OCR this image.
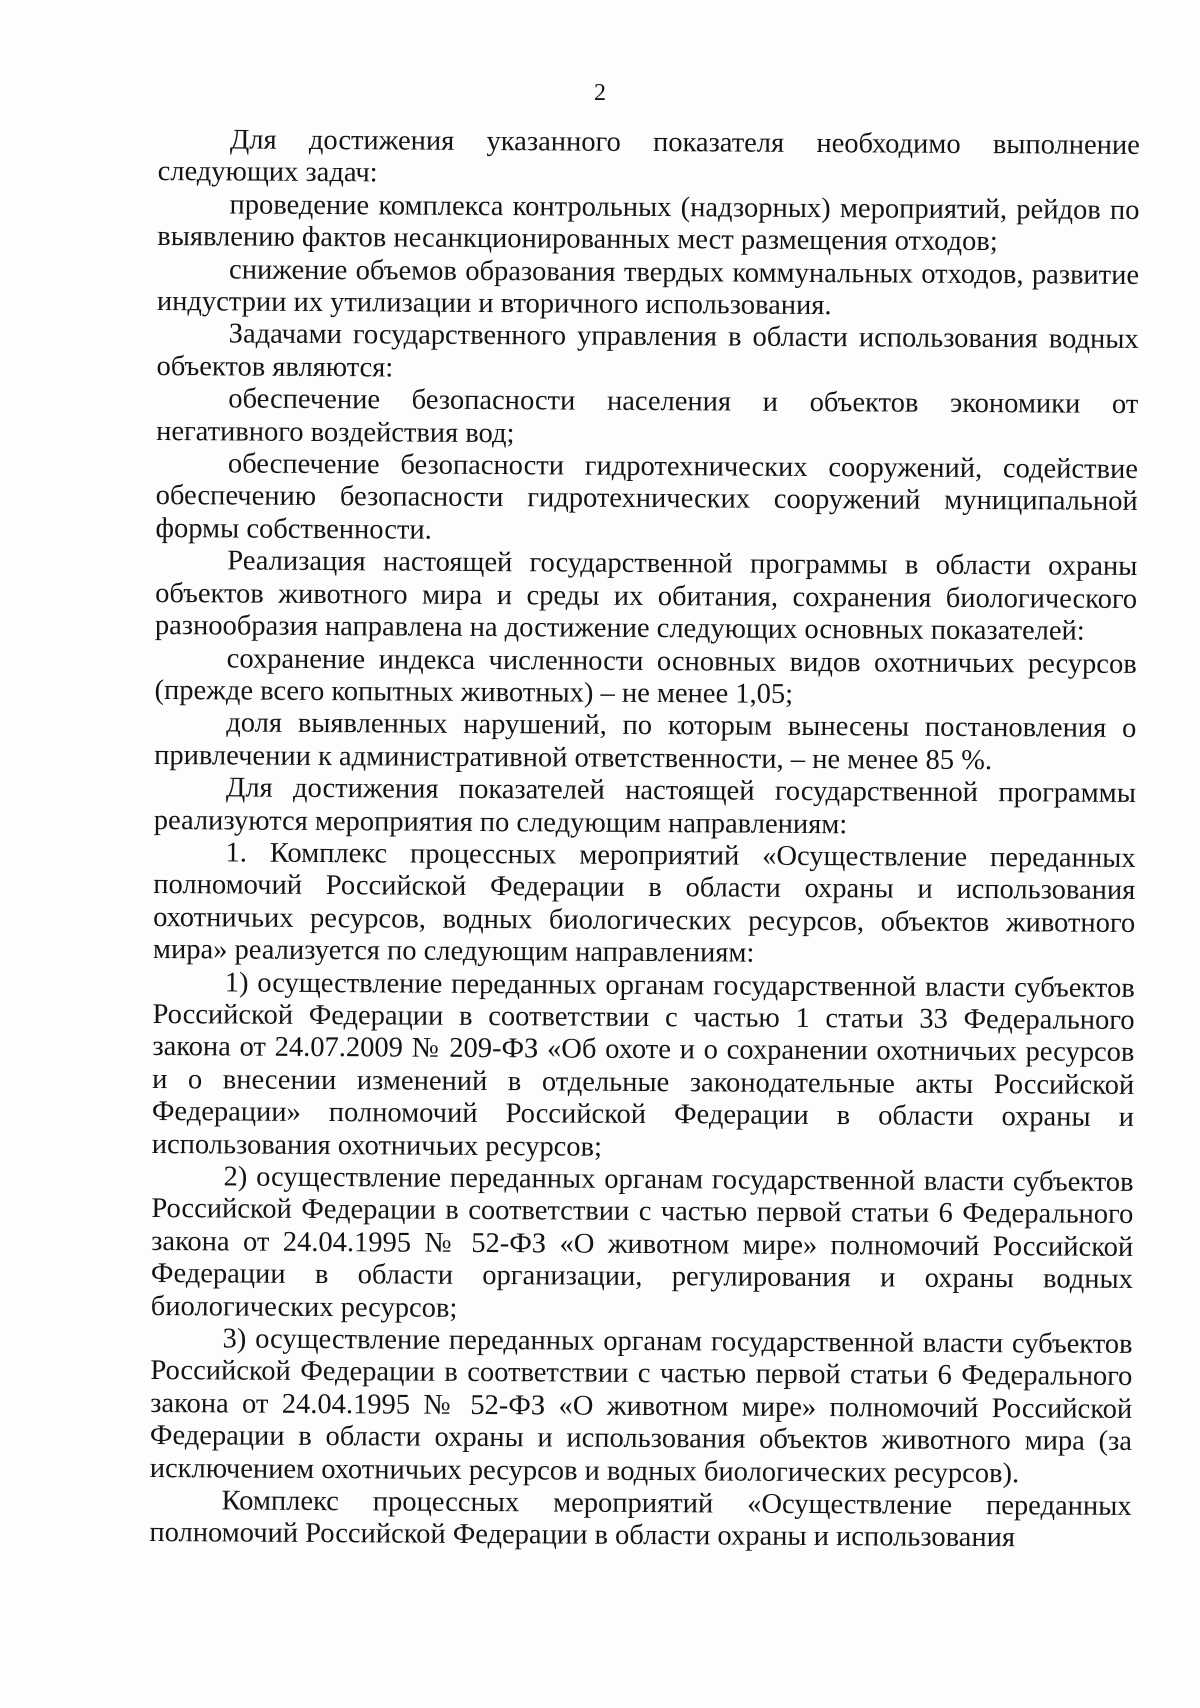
2

Для достижения указанного показателя необходимо выполнение следующих задач:

проведение комплекса контрольных (надзорных) мероприятий, рейдов по выявлению фактов несанкционированных мест размещения отходов;

снижение объемов образования твердых коммунальных отходов, развитие индустрии их утилизации и вторичного использования.

Задачами государственного управления в области использования водных объектов являются:

обеспечение безопасности населения и объектов экономики от негативного воздействия вод;

обеспечение безопасности гидротехнических сооружений, содействие обеспечению безопасности гидротехнических сооружений муниципальной формы собственности.

Реализация настоящей государственной программы в области охраны объектов животного мира и среды их обитания, сохранения биологического разнообразия направлена на достижение следующих основных показателей:

сохранение индекса численности основных видов охотничьих ресурсов (прежде всего копытных животных) – не менее 1,05;

доля выявленных нарушений, по которым вынесены постановления о привлечении к административной ответственности, – не менее 85 %.

Для достижения показателей настоящей государственной программы реализуются мероприятия по следующим направлениям:

1. Комплекс процессных мероприятий «Осуществление переданных полномочий Российской Федерации в области охраны и использования охотничьих ресурсов, водных биологических ресурсов, объектов животного мира» реализуется по следующим направлениям:

1) осуществление переданных органам государственной власти субъектов Российской Федерации в соответствии с частью 1 статьи 33 Федерального закона от 24.07.2009 № 209-ФЗ «Об охоте и о сохранении охотничьих ресурсов и о внесении изменений в отдельные законодательные акты Российской Федерации» полномочий Российской Федерации в области охраны и использования охотничьих ресурсов;

2) осуществление переданных органам государственной власти субъектов Российской Федерации в соответствии с частью первой статьи 6 Федерального закона от 24.04.1995 № 52-ФЗ «О животном мире» полномочий Российской Федерации в области организации, регулирования и охраны водных биологических ресурсов;

3) осуществление переданных органам государственной власти субъектов Российской Федерации в соответствии с частью первой статьи 6 Федерального закона от 24.04.1995 № 52-ФЗ «О животном мире» полномочий Российской Федерации в области охраны и использования объектов животного мира (за исключением охотничьих ресурсов и водных биологических ресурсов).

Комплекс процессных мероприятий «Осуществление переданных полномочий Российской Федерации в области охраны и использования
